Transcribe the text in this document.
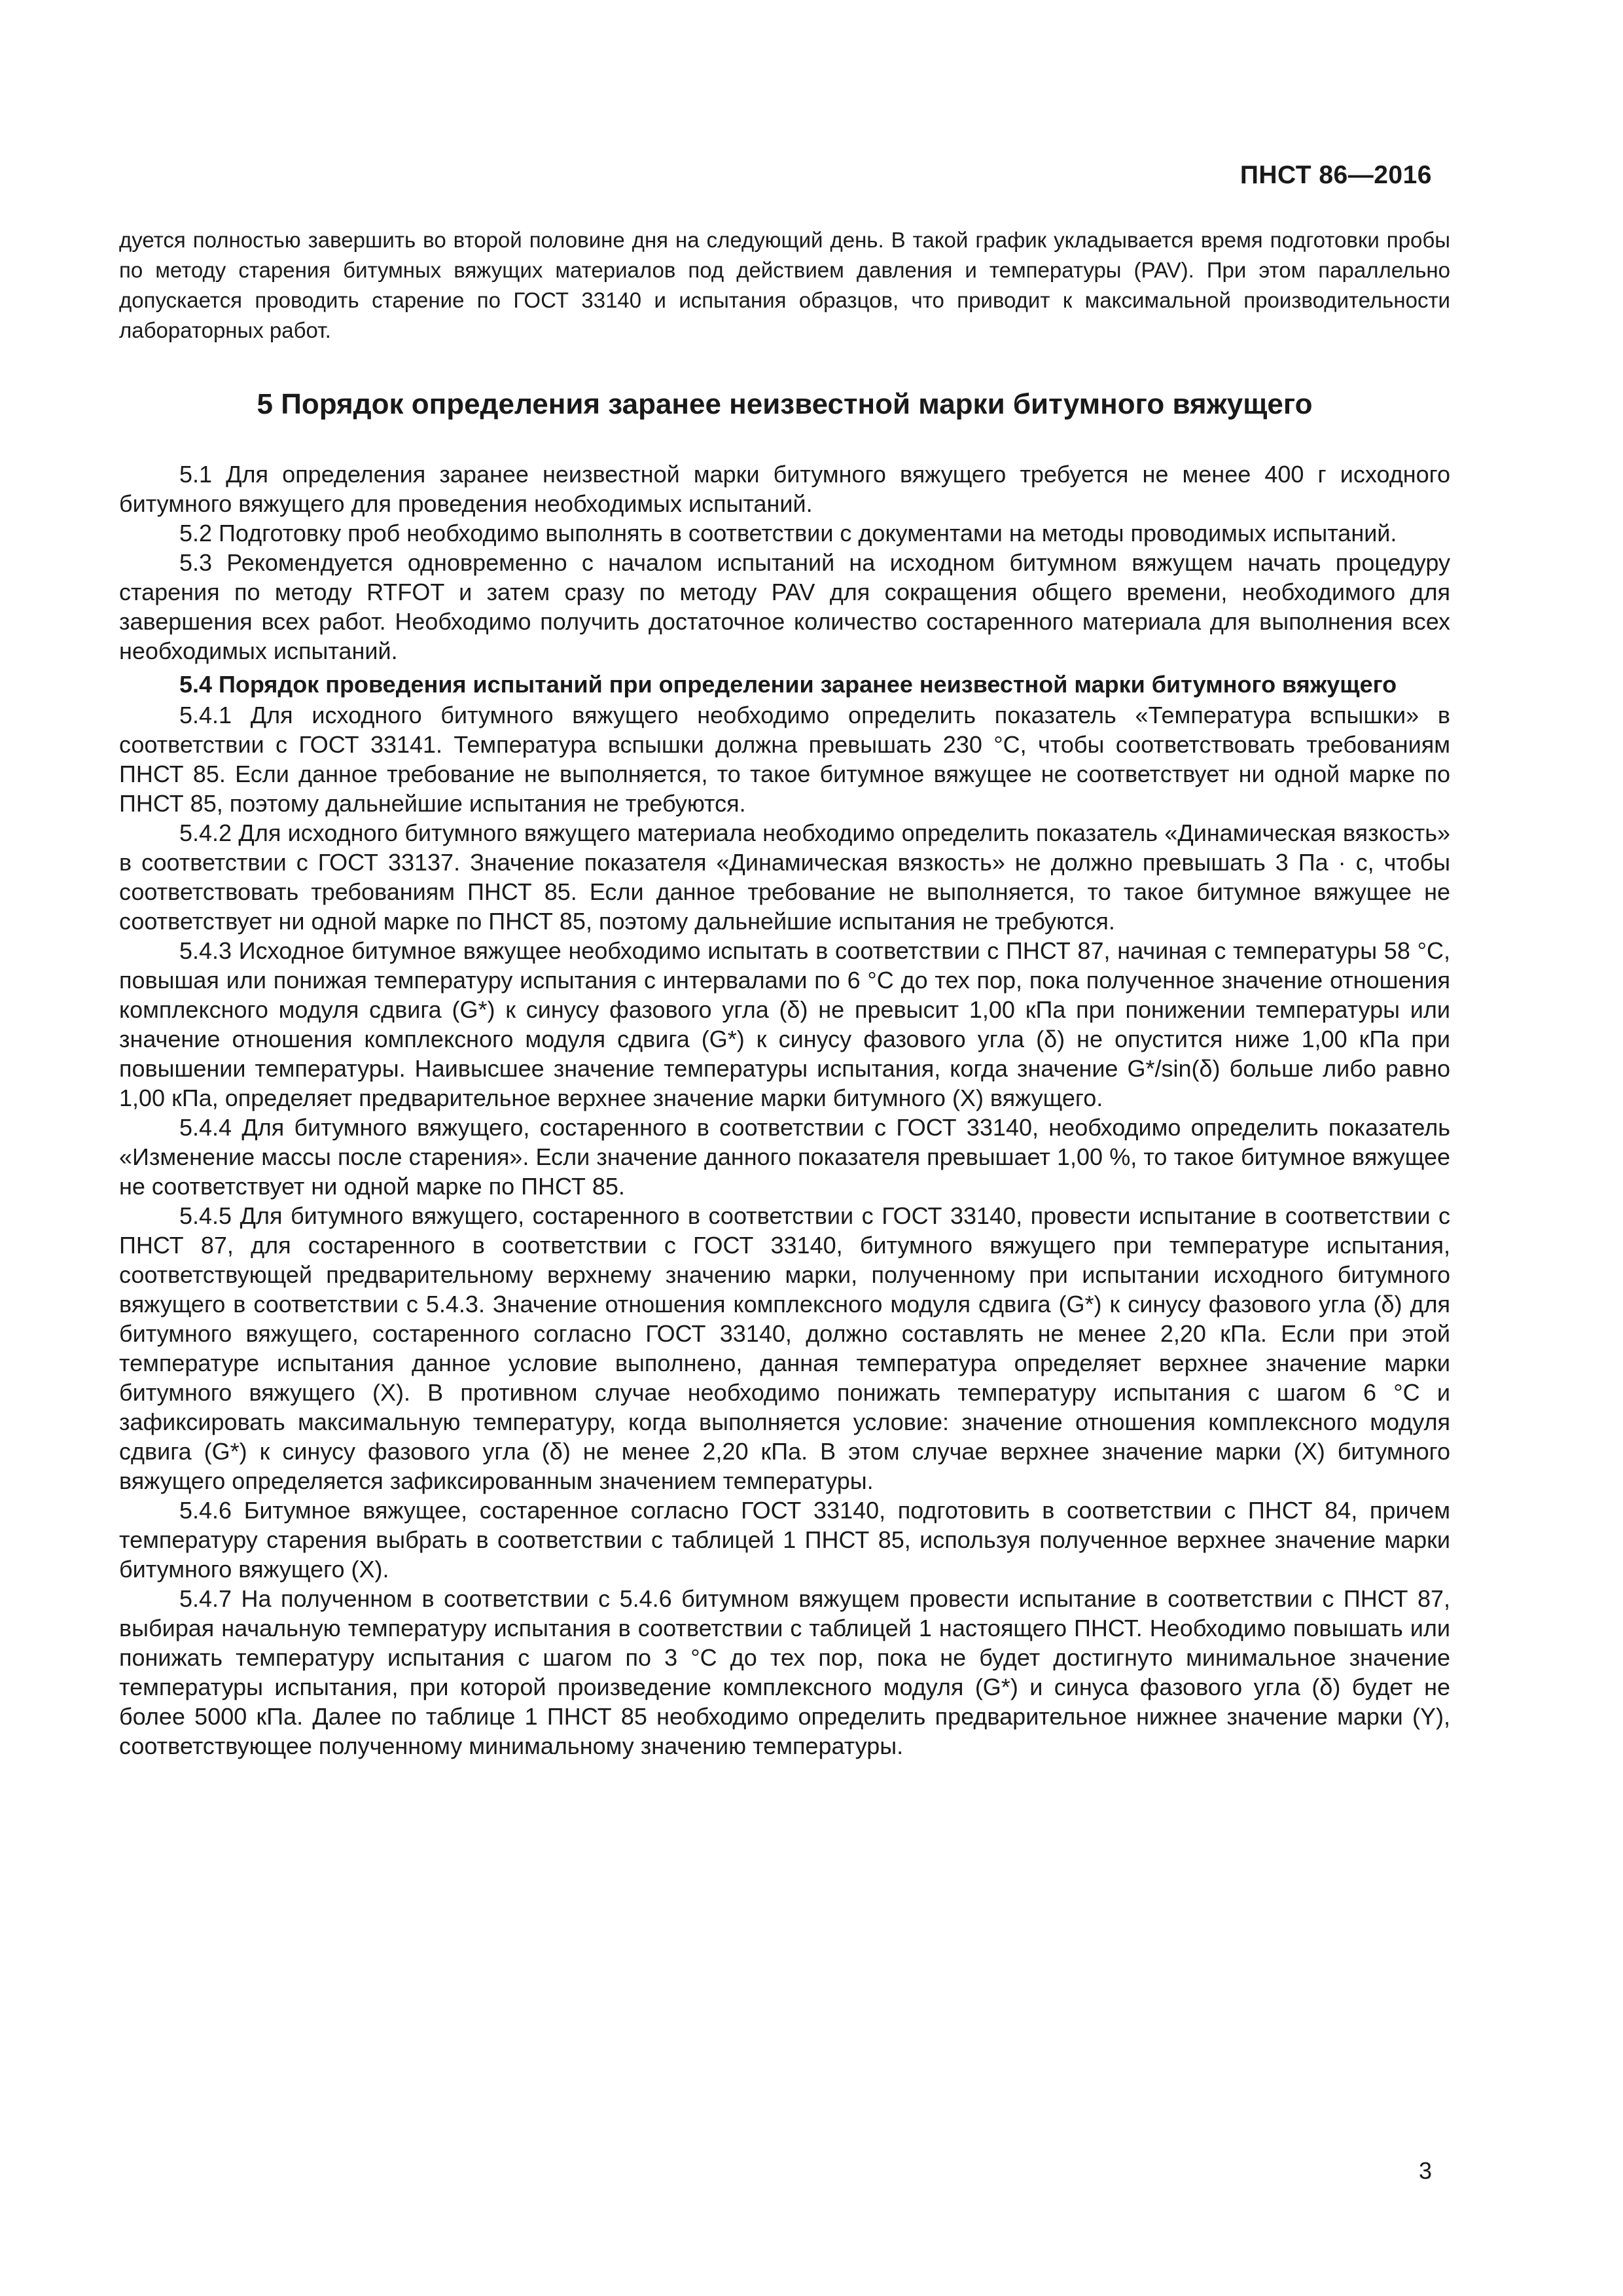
ПНСТ 86—2016

дуется полностью завершить во второй половине дня на следующий день. В такой график укладывается время подготовки пробы по методу старения битумных вяжущих материалов под действием давления и температуры (PAV). При этом параллельно допускается проводить старение по ГОСТ 33140 и испытания образцов, что приводит к максимальной производительности лабораторных работ.

5 Порядок определения заранее неизвестной марки битумного вяжущего

5.1 Для определения заранее неизвестной марки битумного вяжущего требуется не менее 400 г исходного битумного вяжущего для проведения необходимых испытаний.

5.2 Подготовку проб необходимо выполнять в соответствии с документами на методы проводимых испытаний.

5.3 Рекомендуется одновременно с началом испытаний на исходном битумном вяжущем начать процедуру старения по методу RTFOT и затем сразу по методу PAV для сокращения общего времени, необходимого для завершения всех работ. Необходимо получить достаточное количество состаренного материала для выполнения всех необходимых испытаний.

5.4 Порядок проведения испытаний при определении заранее неизвестной марки битумного вяжущего

5.4.1 Для исходного битумного вяжущего необходимо определить показатель «Температура вспышки» в соответствии с ГОСТ 33141. Температура вспышки должна превышать 230 °С, чтобы соответствовать требованиям ПНСТ 85. Если данное требование не выполняется, то такое битумное вяжущее не соответствует ни одной марке по ПНСТ 85, поэтому дальнейшие испытания не требуются.

5.4.2 Для исходного битумного вяжущего материала необходимо определить показатель «Динамическая вязкость» в соответствии с ГОСТ 33137. Значение показателя «Динамическая вязкость» не должно превышать 3 Па · с, чтобы соответствовать требованиям ПНСТ 85. Если данное требование не выполняется, то такое битумное вяжущее не соответствует ни одной марке по ПНСТ 85, поэтому дальнейшие испытания не требуются.

5.4.3 Исходное битумное вяжущее необходимо испытать в соответствии с ПНСТ 87, начиная с температуры 58 °С, повышая или понижая температуру испытания с интервалами по 6 °С до тех пор, пока полученное значение отношения комплексного модуля сдвига (G*) к синусу фазового угла (δ) не превысит 1,00 кПа при понижении температуры или значение отношения комплексного модуля сдвига (G*) к синусу фазового угла (δ) не опустится ниже 1,00 кПа при повышении температуры. Наивысшее значение температуры испытания, когда значение G*/sin(δ) больше либо равно 1,00 кПа, определяет предварительное верхнее значение марки битумного (X) вяжущего.

5.4.4 Для битумного вяжущего, состаренного в соответствии с ГОСТ 33140, необходимо определить показатель «Изменение массы после старения». Если значение данного показателя превышает 1,00 %, то такое битумное вяжущее не соответствует ни одной марке по ПНСТ 85.

5.4.5 Для битумного вяжущего, состаренного в соответствии с ГОСТ 33140, провести испытание в соответствии с ПНСТ 87, для состаренного в соответствии с ГОСТ 33140, битумного вяжущего при температуре испытания, соответствующей предварительному верхнему значению марки, полученному при испытании исходного битумного вяжущего в соответствии с 5.4.3. Значение отношения комплексного модуля сдвига (G*) к синусу фазового угла (δ) для битумного вяжущего, состаренного согласно ГОСТ 33140, должно составлять не менее 2,20 кПа. Если при этой температуре испытания данное условие выполнено, данная температура определяет верхнее значение марки битумного вяжущего (X). В противном случае необходимо понижать температуру испытания с шагом 6 °С и зафиксировать максимальную температуру, когда выполняется условие: значение отношения комплексного модуля сдвига (G*) к синусу фазового угла (δ) не менее 2,20 кПа. В этом случае верхнее значение марки (X) битумного вяжущего определяется зафиксированным значением температуры.

5.4.6 Битумное вяжущее, состаренное согласно ГОСТ 33140, подготовить в соответствии с ПНСТ 84, причем температуру старения выбрать в соответствии с таблицей 1 ПНСТ 85, используя полученное верхнее значение марки битумного вяжущего (X).

5.4.7 На полученном в соответствии с 5.4.6 битумном вяжущем провести испытание в соответствии с ПНСТ 87, выбирая начальную температуру испытания в соответствии с таблицей 1 настоящего ПНСТ. Необходимо повышать или понижать температуру испытания с шагом по 3 °С до тех пор, пока не будет достигнуто минимальное значение температуры испытания, при которой произведение комплексного модуля (G*) и синуса фазового угла (δ) будет не более 5000 кПа. Далее по таблице 1 ПНСТ 85 необходимо определить предварительное нижнее значение марки (Y), соответствующее полученному минимальному значению температуры.

3
